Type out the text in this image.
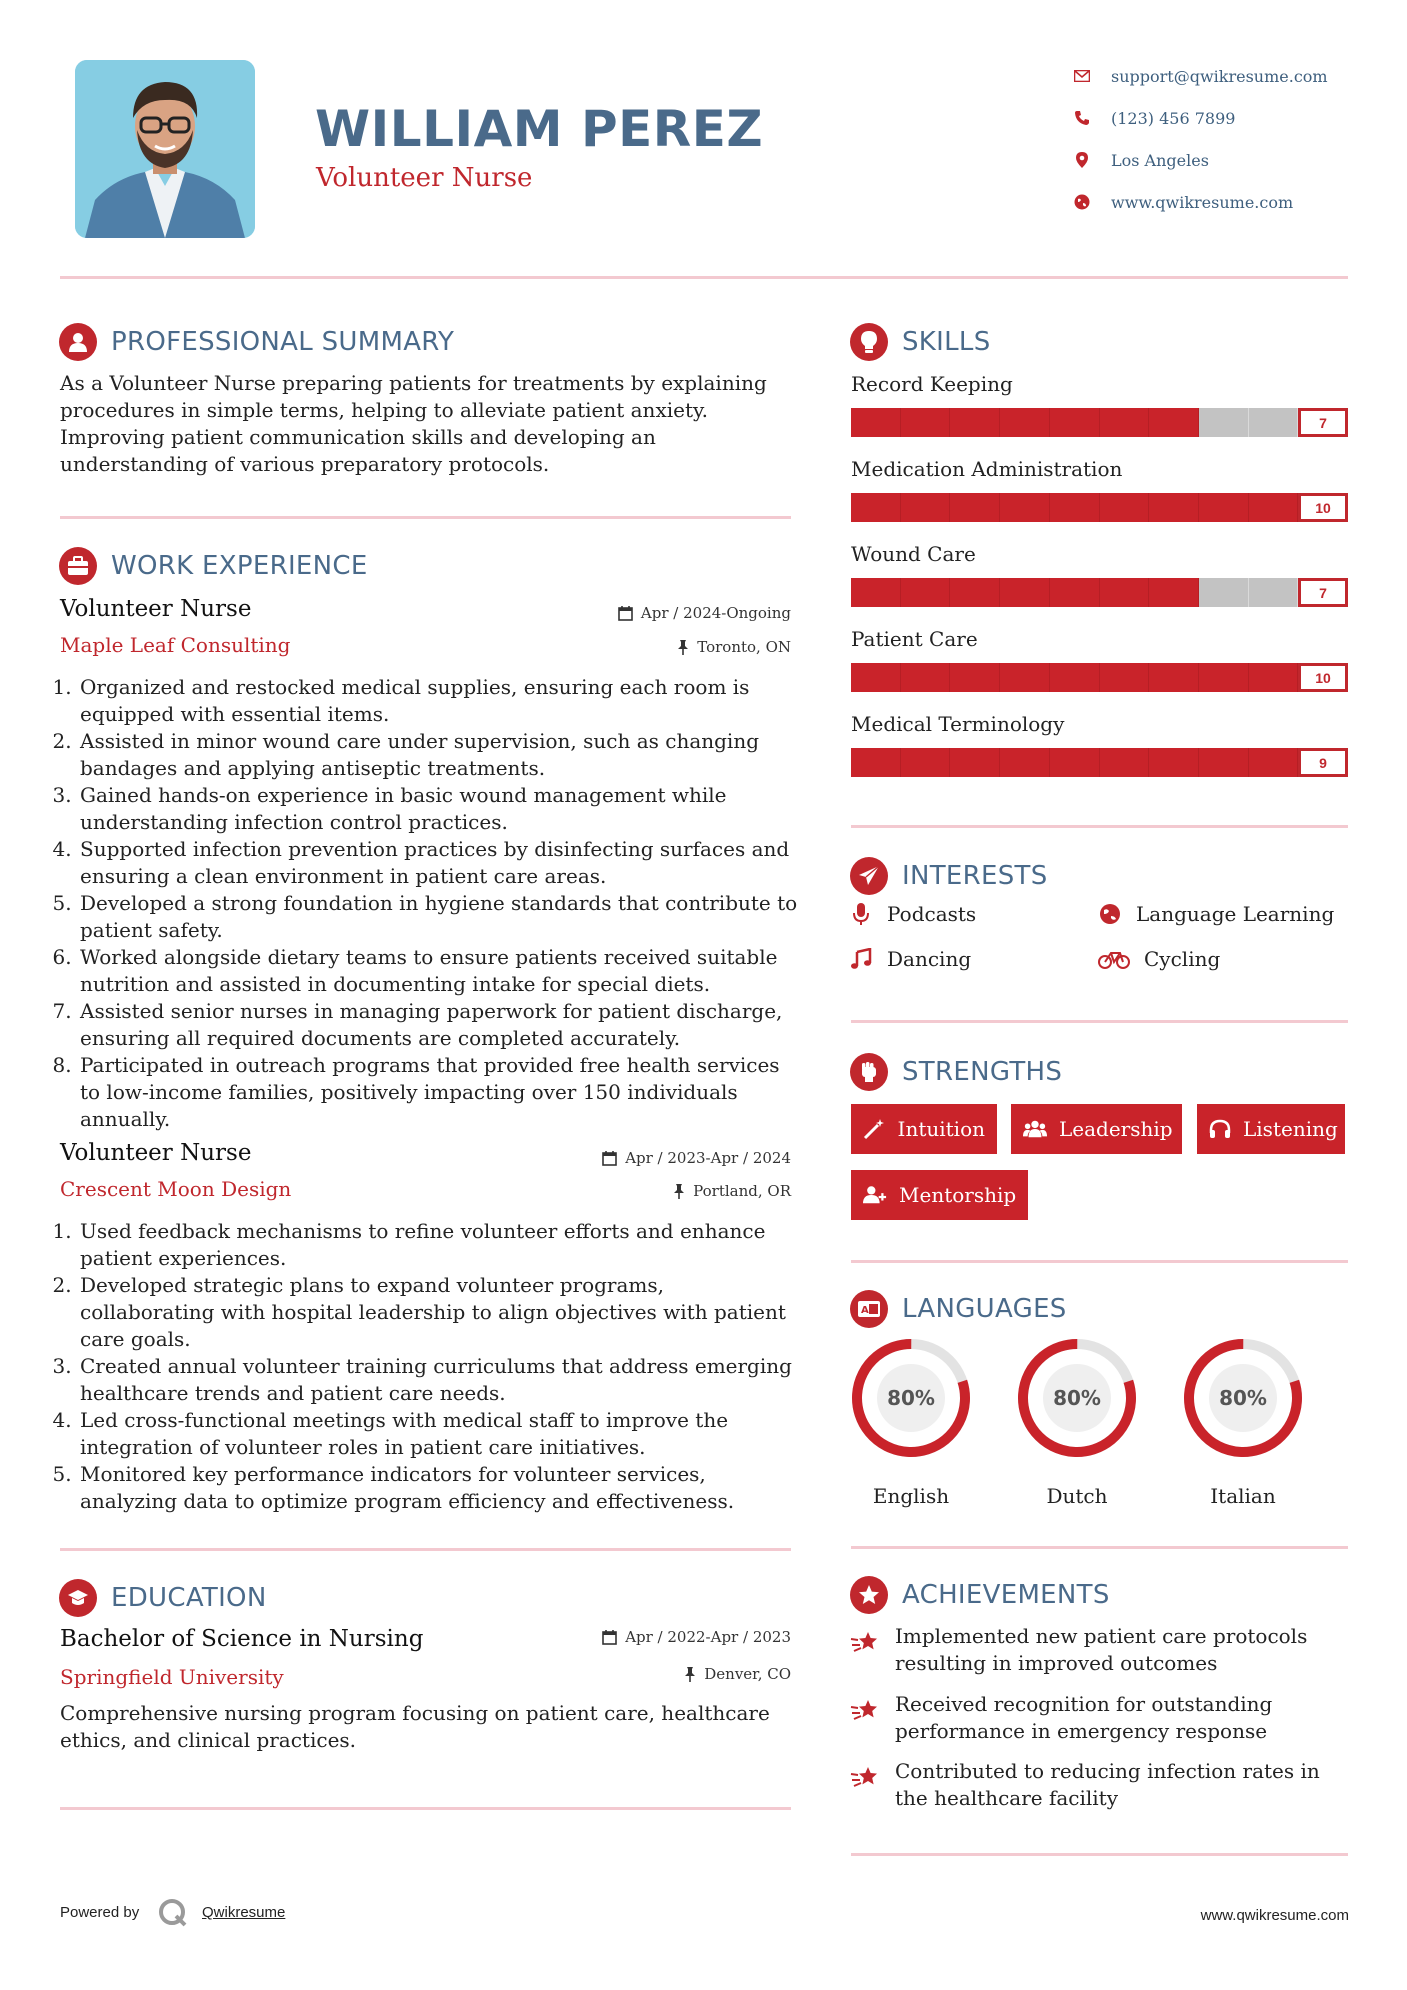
WILLIAM PEREZ
Volunteer Nurse
support@qwikresume.com
(123) 456 7899
Los Angeles
www.qwikresume.com
PROFESSIONAL SUMMARY
As a Volunteer Nurse preparing patients for treatments by explaining procedures in simple terms, helping to alleviate patient anxiety. Improving patient communication skills and developing an understanding of various preparatory protocols.
WORK EXPERIENCE
Volunteer Nurse
Maple Leaf Consulting
Apr / 2024-Ongoing
Toronto, ON
1. Organized and restocked medical supplies, ensuring each room is equipped with essential items.
2. Assisted in minor wound care under supervision, such as changing bandages and applying antiseptic treatments.
3. Gained hands-on experience in basic wound management while understanding infection control practices.
4. Supported infection prevention practices by disinfecting surfaces and ensuring a clean environment in patient care areas.
5. Developed a strong foundation in hygiene standards that contribute to patient safety.
6. Worked alongside dietary teams to ensure patients received suitable nutrition and assisted in documenting intake for special diets.
7. Assisted senior nurses in managing paperwork for patient discharge, ensuring all required documents are completed accurately.
8. Participated in outreach programs that provided free health services to low-income families, positively impacting over 150 individuals annually.
Volunteer Nurse
Crescent Moon Design
Apr / 2023-Apr / 2024
Portland, OR
1. Used feedback mechanisms to refine volunteer efforts and enhance patient experiences.
2. Developed strategic plans to expand volunteer programs, collaborating with hospital leadership to align objectives with patient care goals.
3. Created annual volunteer training curriculums that address emerging healthcare trends and patient care needs.
4. Led cross-functional meetings with medical staff to improve the integration of volunteer roles in patient care initiatives.
5. Monitored key performance indicators for volunteer services, analyzing data to optimize program efficiency and effectiveness.
EDUCATION
Bachelor of Science in Nursing
Springfield University
Apr / 2022-Apr / 2023
Denver, CO
Comprehensive nursing program focusing on patient care, healthcare ethics, and clinical practices.
SKILLS
Record Keeping
7
Medication Administration
10
Wound Care
7
Patient Care
10
Medical Terminology
9
INTERESTS
Podcasts	Language Learning
Dancing	Cycling
STRENGTHS
Intuition	Leadership	Listening
Mentorship
A LANGUAGES
80%
English
80%
Dutch
80%
Italian
ACHIEVEMENTS
Implemented new patient care protocols resulting in improved outcomes
Received recognition for outstanding performance in emergency response
Contributed to reducing infection rates in the healthcare facility
Powered by	Qwikresume	www.qwikresume.com
